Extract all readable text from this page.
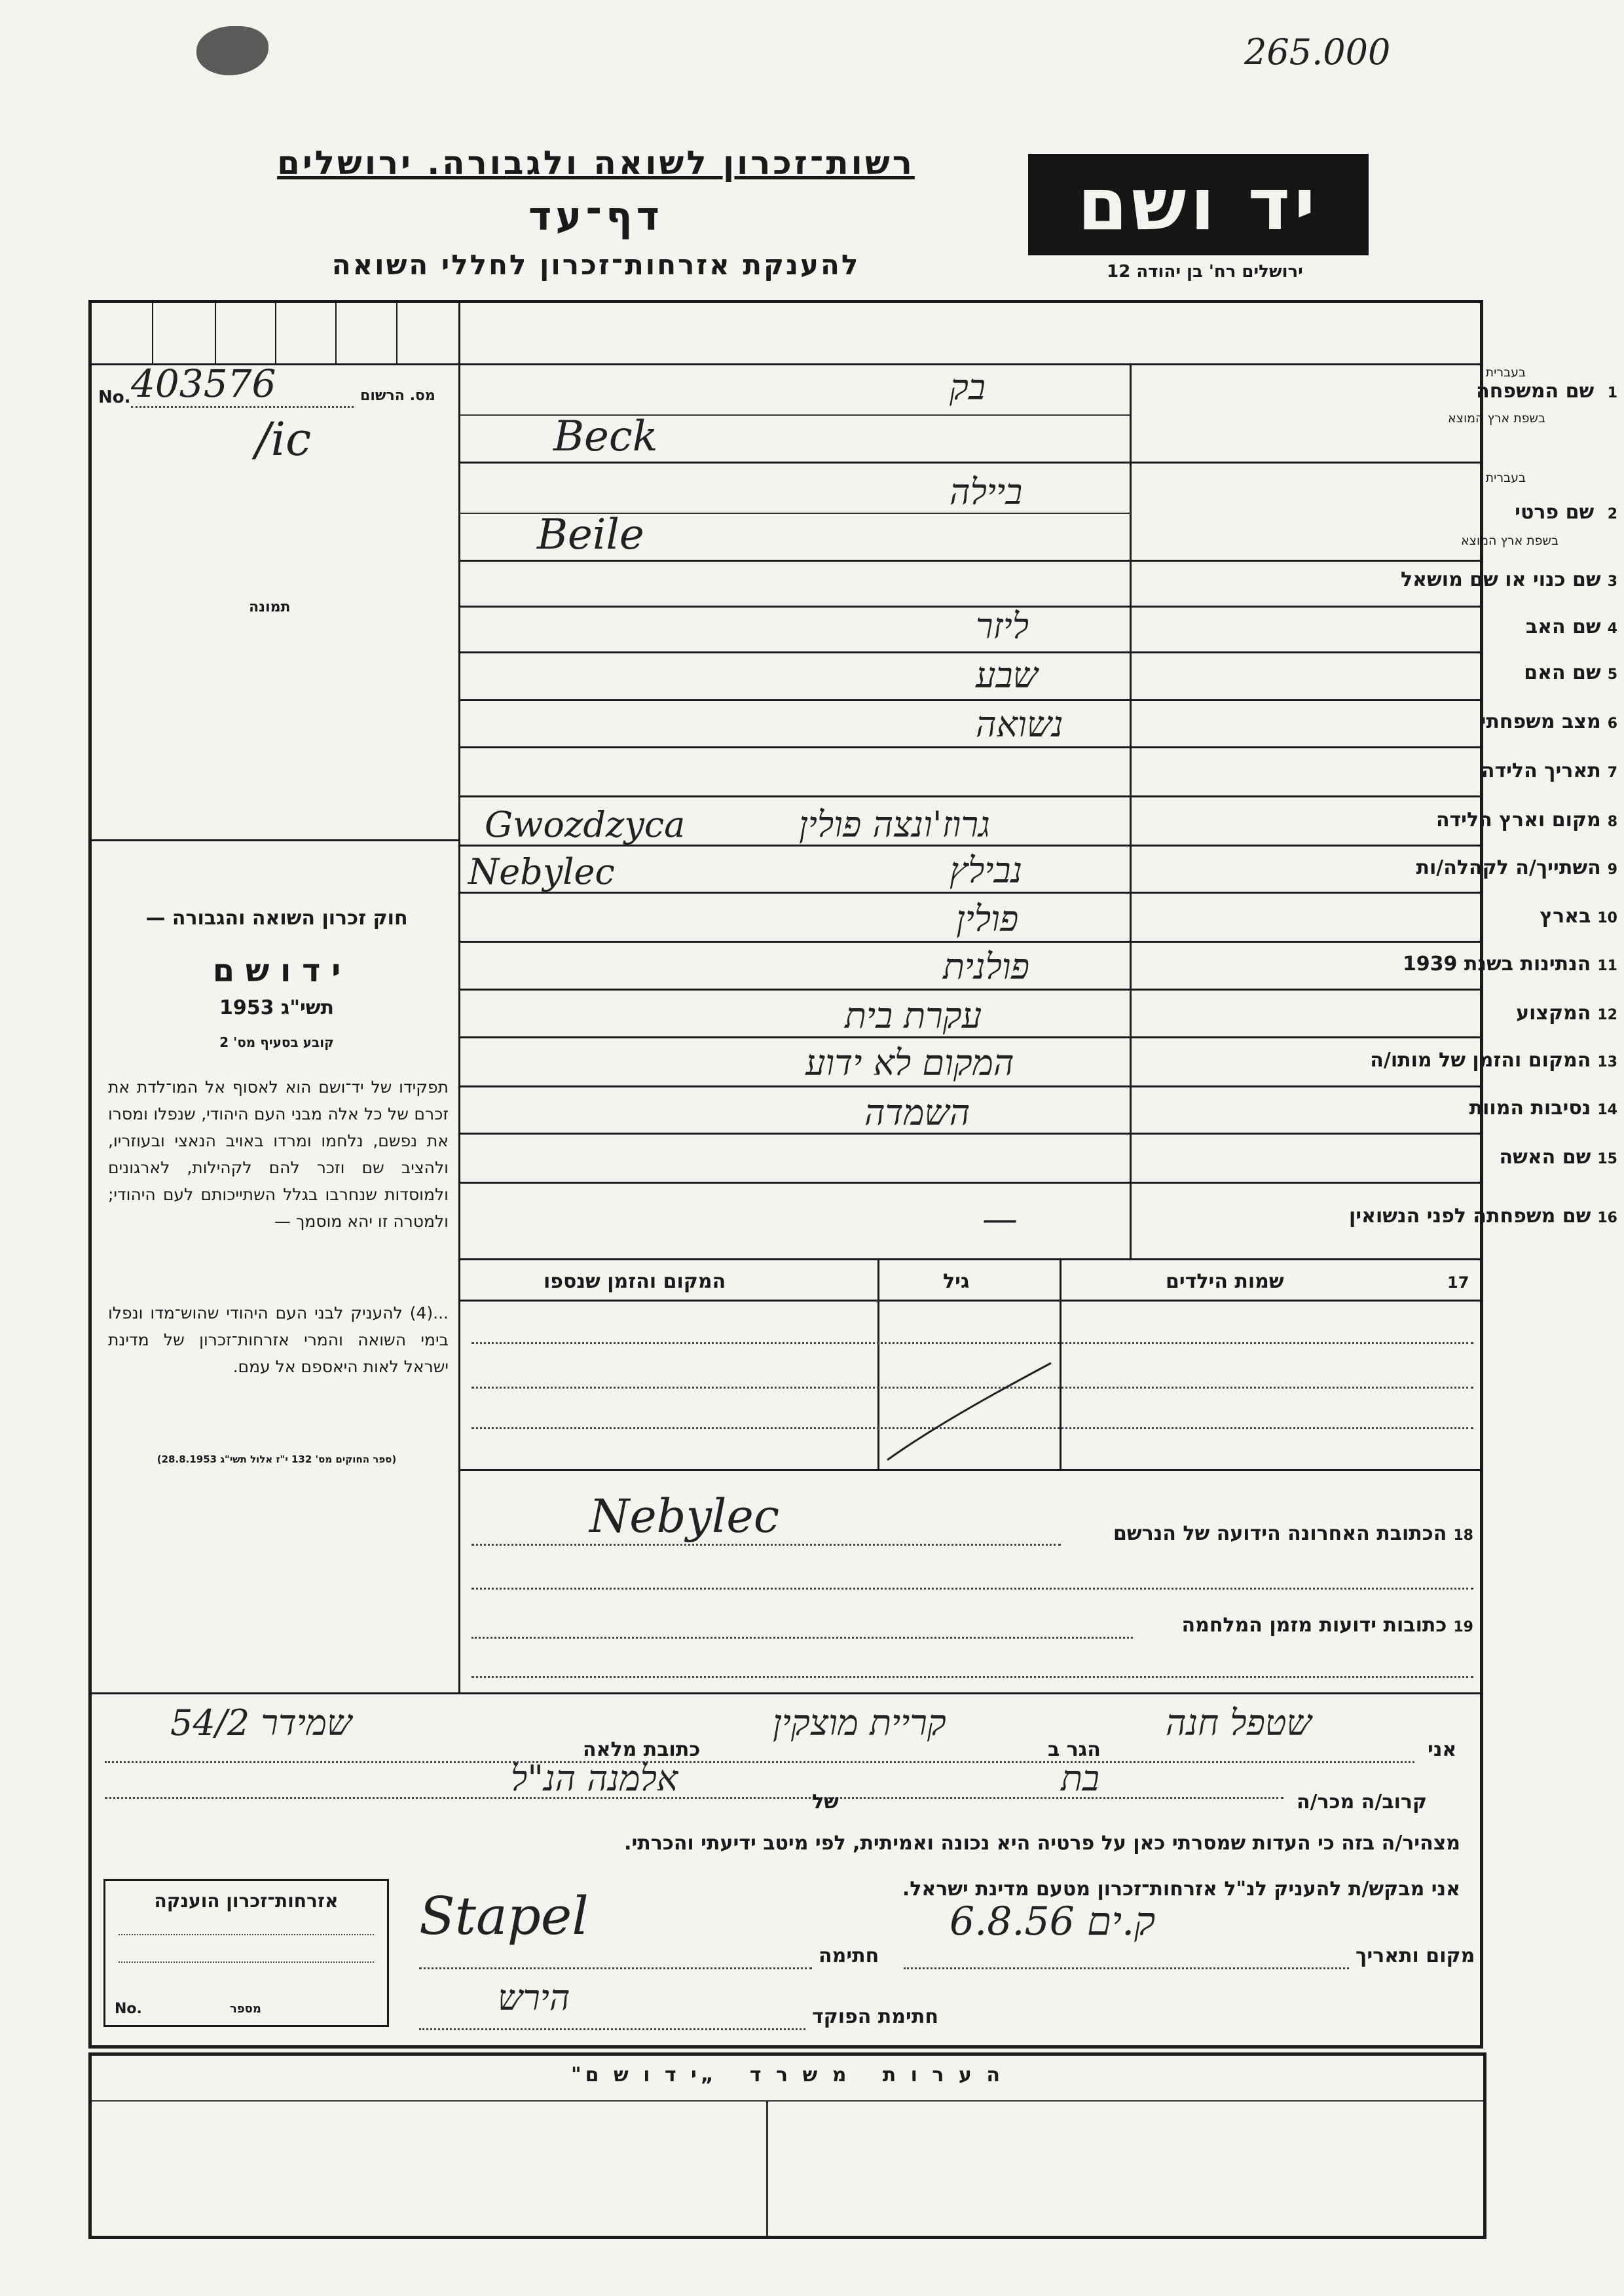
265.000
רשות־זכרון לשואה ולגבורה. ירושלים
דף־עד
להענקת אזרחות־זכרון לחללי השואה
יד ושם
ירושלים רח' בן יהודה 12
No. 403576	מס. הרשום
/ic
תמונה
חוק זכרון השואה והגבורה —
י ד ו ש ם
תשי"ג 1953
קובע בסעיף מס' 2
תפקידו של יד־ושם הוא לאסוף אל המו־לדת את זכרם של כל אלה מבני העם היהודי, שנפלו ומסרו את נפשם, נלחמו ומרדו באויב הנאצי ובעוזריו, ולהציב שם וזכר להם לקהילות, לארגונים ולמוסדות שנחרבו בגלל השתייכותם לעם היהודי; ולמטרה זו יהא מוסמך —
...(4) להעניק לבני העם היהודי שהוש־מדו ונפלו בימי השואה והמרי אזרחות־זכרון של מדינת ישראל לאות היאספם אל עמם.
(ספר החוקים מס' 132 י"ז אלול תשי"ג 28.8.1953)
1 שם המשפחה
בעברית
בשפת ארץ המוצא
בק
Beck
2 שם פרטי
בעברית
בשפת ארץ המוצא
ביילה
Beile
3שם כנוי או שם מושאל
4שם האב
ליזר
5שם האם
שבע
6מצב משפחתי
נשואה
7תאריך הלידה
8מקום וארץ הלידה
גרוז'ונצה פולין
Gwozdzyca
9השתייך/ה לקהלה/ות
נבילץ
Nebylec
10בארץ
פולין
11הנתינות בשנת 1939
פולנית
12המקצוע
עקרת בית
13המקום והזמן של מותו/ה
המקום לא ידוע
14נסיבות המוות
השמדה
15שם האשה
16שם משפחתה לפני הנשואין
—
17
שמות הילדים
גיל
המקום והזמן שנספו
18הכתובת האחרונה הידועה של הנרשם
Nebylec
19כתובות ידועות מזמן המלחמה
אני
שטפל חנה
הגר ב
קריית מוצקין
כתובת מלאה
שמידר 54/2
קרוב/ה מכר/ה
בת
של
אלמנה הנ"ל
מצהיר/ה בזה כי העדות שמסרתי כאן על פרטיה היא נכונה ואמיתית, לפי מיטב ידיעתי והכרתי.
אני מבקש/ת להעניק לנ"ל אזרחות־זכרון מטעם מדינת ישראל.
מקום ותאריך
ק.ים 6.8.56
חתימה
Stapel
חתימת הפוקד
הירש
אזרחות־זכרון הוענקה
No.	מספר
ה ע ר ו ת   מ ש ר ד   „י ד ו ש ם"
